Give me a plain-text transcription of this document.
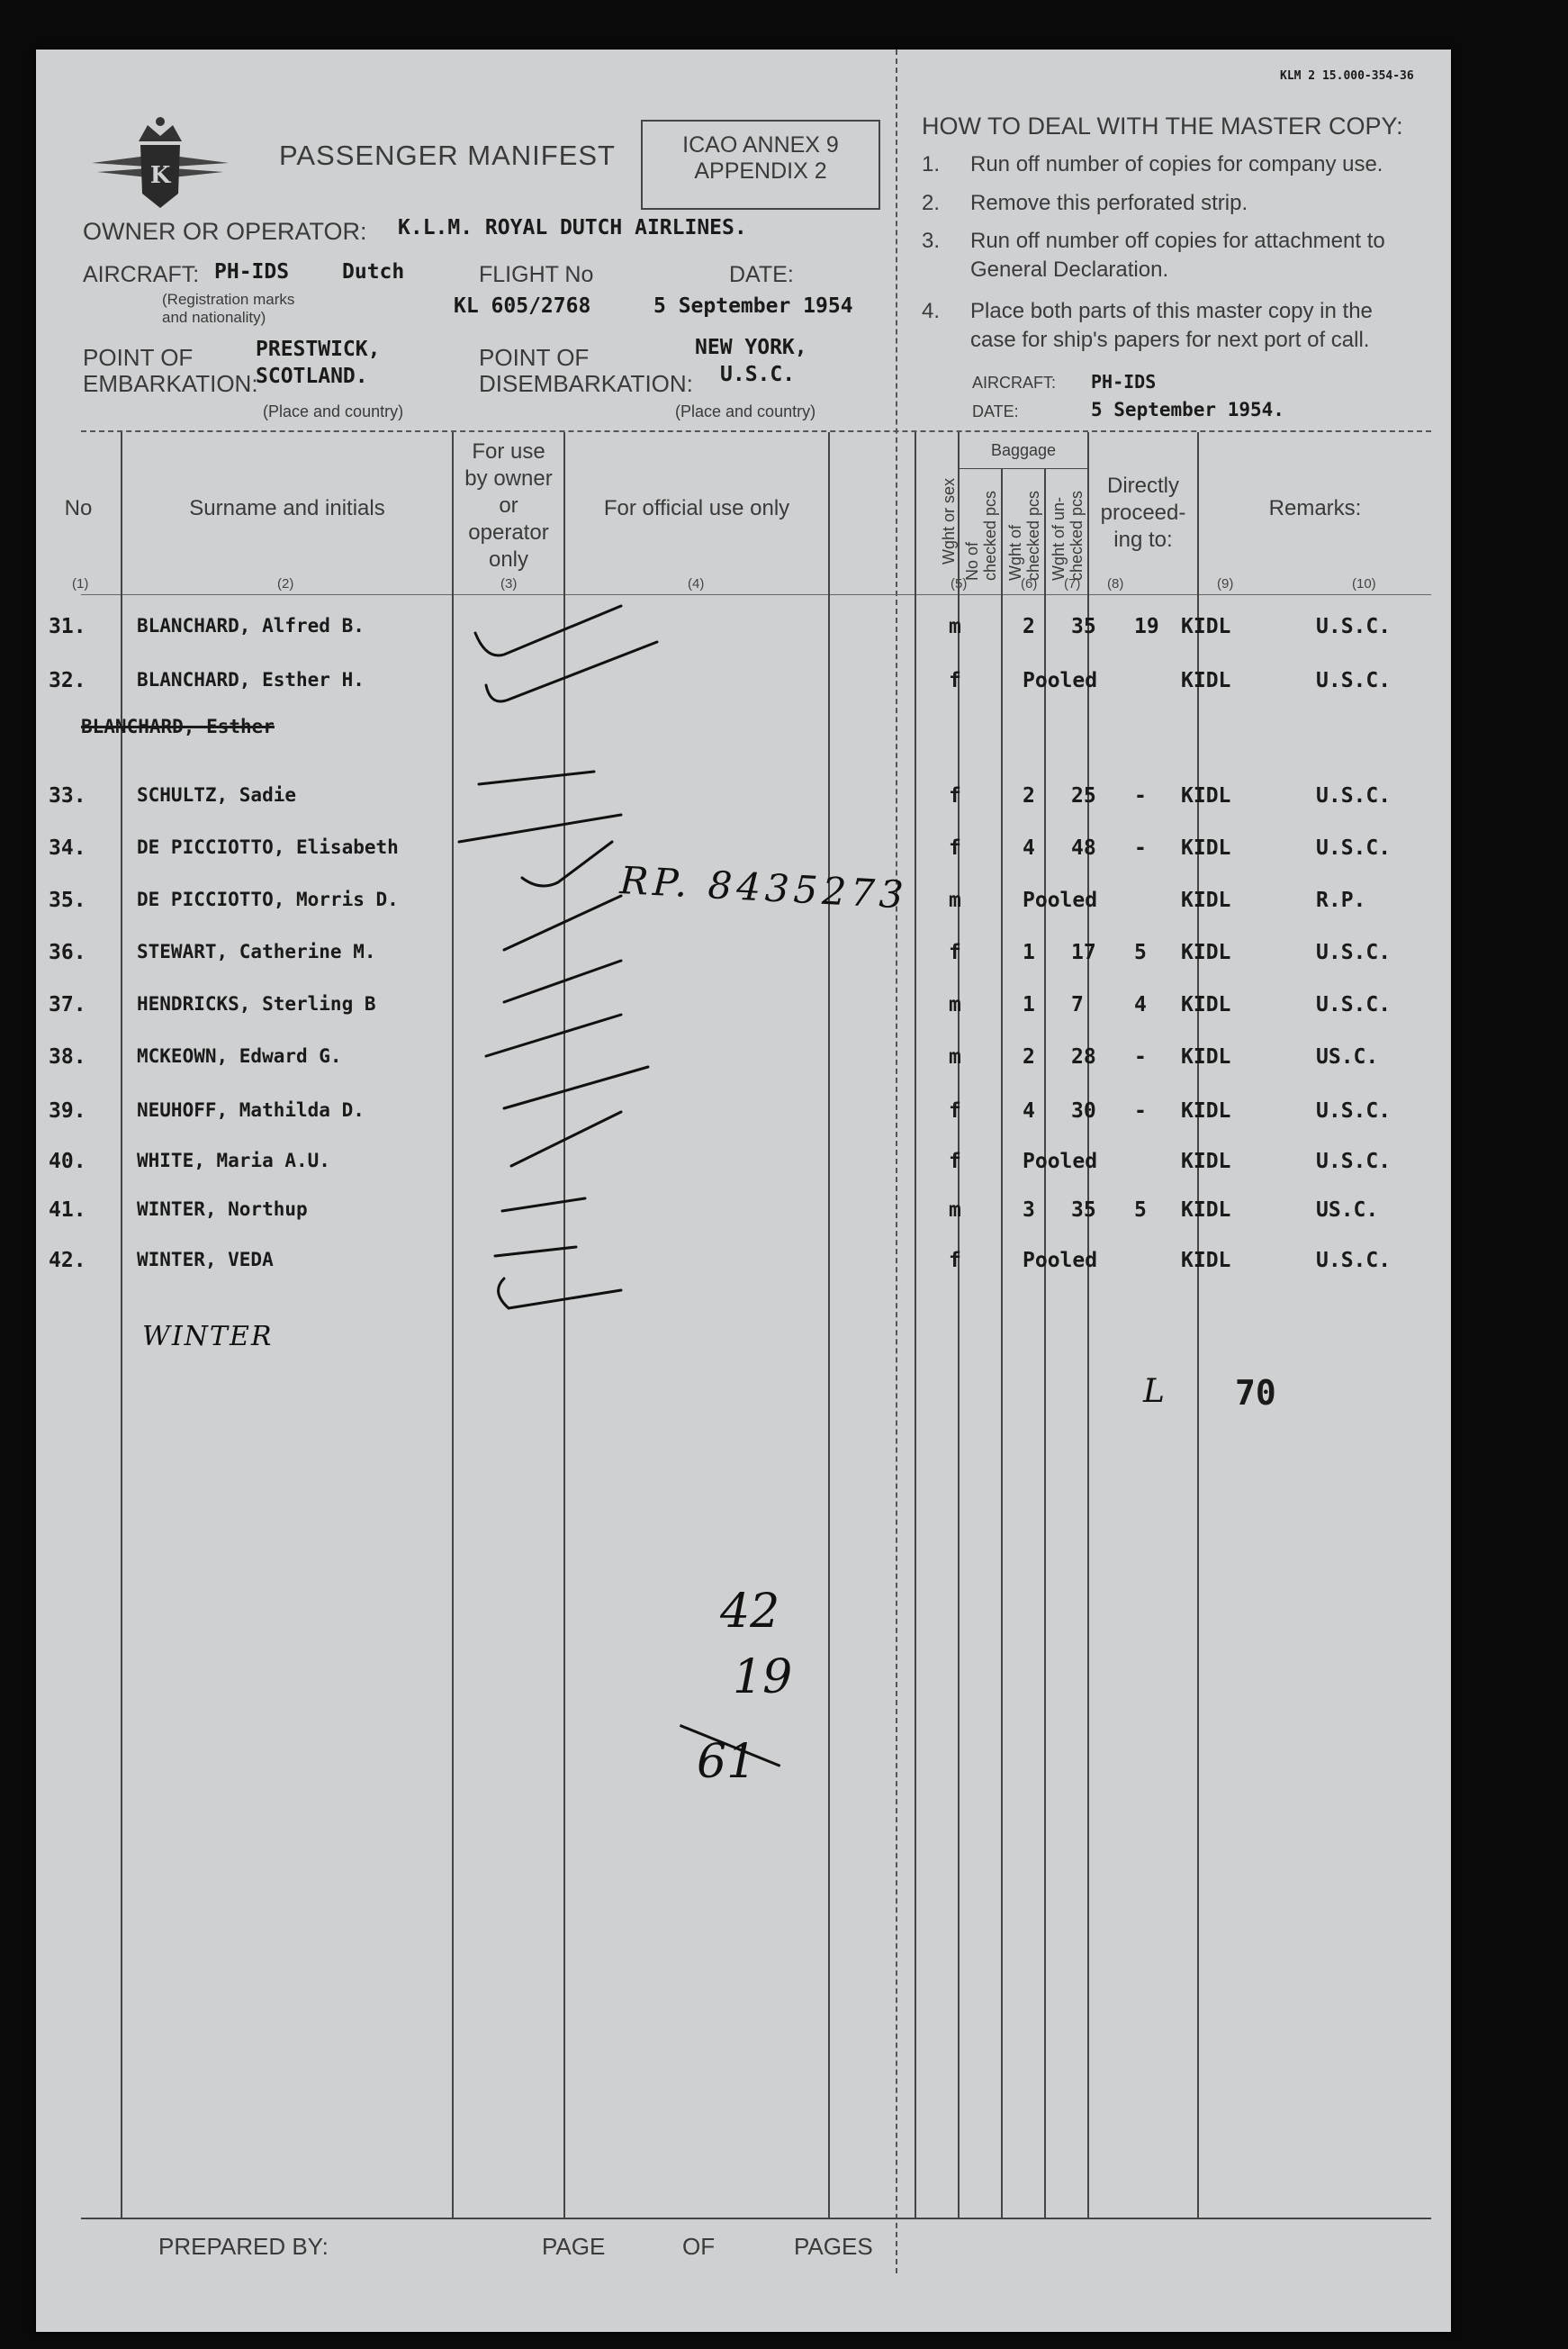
KLM 2 15.000-354-36
K
PASSENGER MANIFEST	ICAO ANNEX 9
APPENDIX 2
OWNER OR OPERATOR: K.L.M. ROYAL DUTCH AIRLINES.
AIRCRAFT: PH-IDS	Dutch
(Registration marks
and nationality)
FLIGHT No
KL 605/2768
DATE:
5 September 1954
POINT OF
EMBARKATION:
PRESTWICK,
SCOTLAND.
(Place and country)
POINT OF
DISEMBARKATION:
NEW YORK,
U.S.C.
(Place and country)
HOW TO DEAL WITH THE MASTER COPY:
1. Run off number of copies for company use.
2. Remove this perforated strip.
3. Run off number off copies for attachment to
General Declaration.
4. Place both parts of this master copy in the
case for ship's papers for next port of call.
AIRCRAFT: PH-IDS
DATE:	5 September 1954.
No	Surname and initials
For use
by owner
or
operator
only
For official use only	Wght or sex
Baggage
No of checked pcs Wght of checked pcs Wght of un- checked pcs
Directly
proceed-
ing to:
Remarks:
(1)	(2)	(3)	(4)	(5)	(6) (7) (8)	(9)	(10)
31.	BLANCHARD, Alfred B.	m	2 35 19 KIDL	U.S.C.
32.	BLANCHARD, Esther H.	f	Pooled	KIDL	U.S.C.
33.	SCHULTZ, Sadie	f	2 25 - KIDL	U.S.C.
34.	DE PICCIOTTO, Elisabeth	f	4 48 - KIDL	U.S.C.
35.	DE PICCIOTTO, Morris D.	m	Pooled	KIDL	R.P.
36.	STEWART, Catherine M.	f	1 17 5 KIDL	U.S.C.
37.	HENDRICKS, Sterling B	m	1 7 4 KIDL	U.S.C.
38.	MCKEOWN, Edward G.	m	2 28 - KIDL	US.C.
39.	NEUHOFF, Mathilda D.	f	4 30 - KIDL	U.S.C.
40.	WHITE, Maria A.U.	f	Pooled	KIDL	U.S.C.
41.	WINTER, Northup	m	3 35 5 KIDL	US.C.
42.	WINTER, VEDA	f	Pooled	KIDL	U.S.C.
BLANCHARD, Esther
WINTER
RP. 8435273
L 70
42
19
61
PREPARED BY:	PAGE	OF	PAGES
